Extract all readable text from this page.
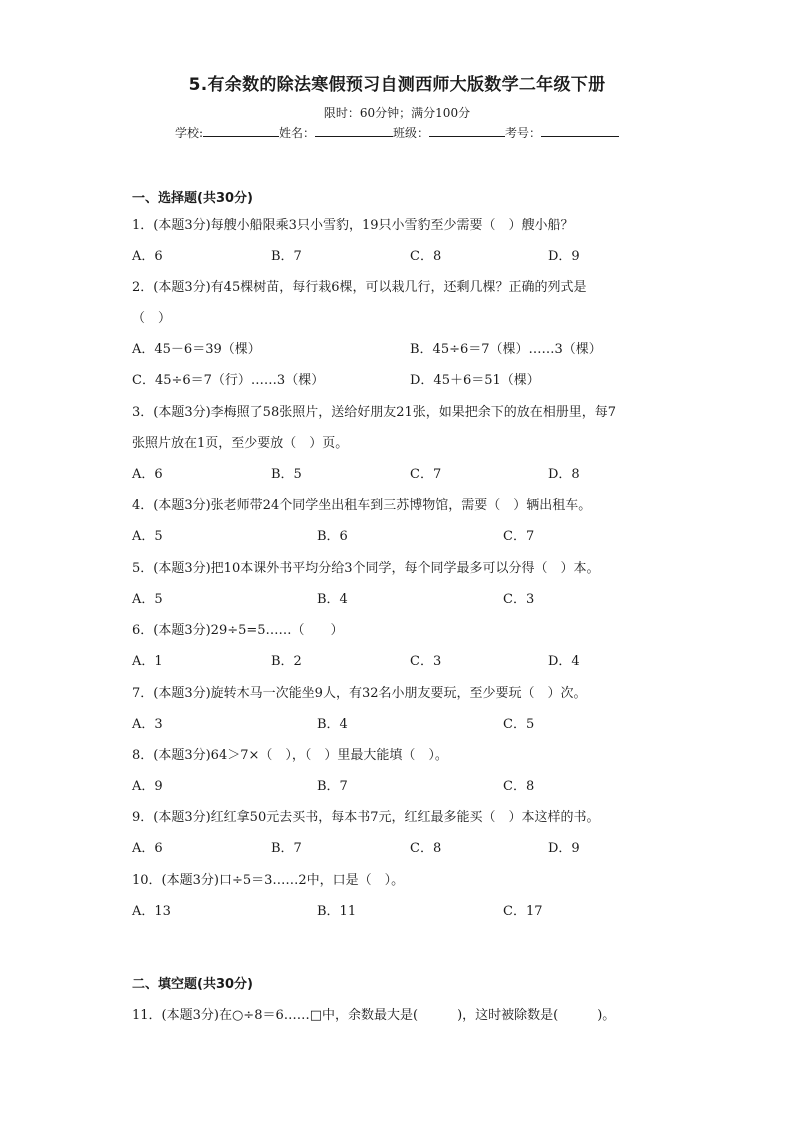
5.有余数的除法寒假预习自测西师大版数学二年级下册
限时：60分钟；满分100分
学校:	姓名：	班级：	考号：
一、选择题(共30分)
1．(本题3分)每艘小船限乘3只小雪豹，19只小雪豹至少需要（　）艘小船？
A．6	B．7	C．8	D．9
2．(本题3分)有45棵树苗，每行栽6棵，可以栽几行，还剩几棵？正确的列式是
（　）
A．45－6＝39（棵）	B．45÷6＝7（棵）……3（棵）
C．45÷6＝7（行）……3（棵）	D．45＋6＝51（棵）
3．(本题3分)李梅照了58张照片，送给好朋友21张，如果把余下的放在相册里，每7
张照片放在1页，至少要放（　）页。
A．6	B．5	C．7	D．8
4．(本题3分)张老师带24个同学坐出租车到三苏博物馆，需要（　）辆出租车。
A．5	B．6	C．7
5．(本题3分)把10本课外书平均分给3个同学，每个同学最多可以分得（　）本。
A．5	B．4	C．3
6．(本题3分)29÷5=5……（　　）
A．1	B．2	C．3	D．4
7．(本题3分)旋转木马一次能坐9人，有32名小朋友要玩，至少要玩（　）次。
A．3	B．4	C．5
8．(本题3分)64＞7×（　），（　）里最大能填（　）。
A．9	B．7	C．8
9．(本题3分)红红拿50元去买书，每本书7元，红红最多能买（　）本这样的书。
A．6	B．7	C．8	D．9
10．(本题3分)口÷5＝3……2中，口是（　）。
A．13	B．11	C．17
二、填空题(共30分)
11．(本题3分)在○÷8＝6……□中，余数最大是(　　　)，这时被除数是(　　　)。
